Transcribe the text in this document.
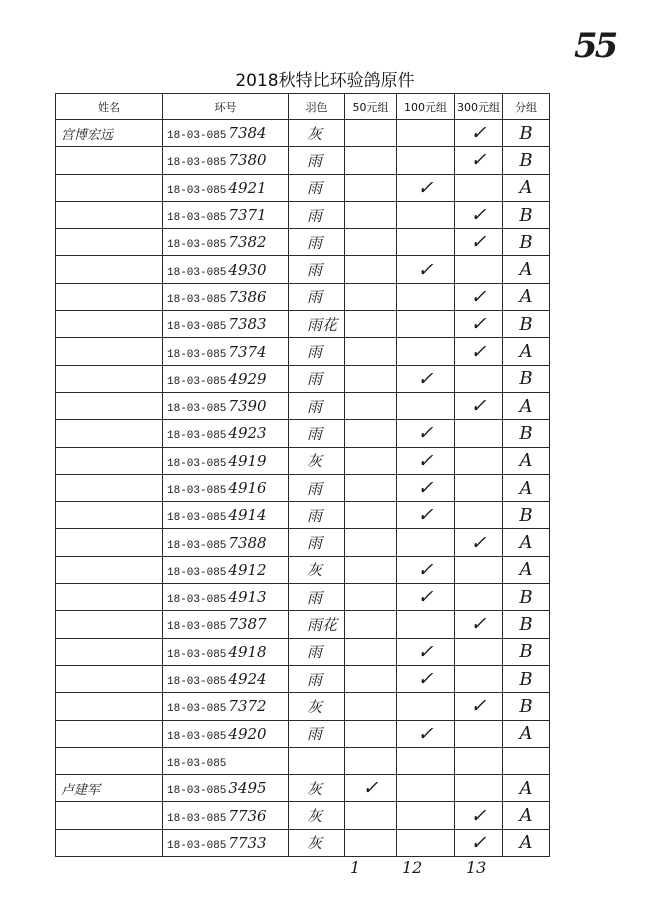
55
2018秋特比环验鸽原件
姓名	环号	羽色	50元组	100元组	300元组	分组
宫博宏远	18-03-085 7384	灰			✓	B
	18-03-085 7380	雨			✓	B
	18-03-085 4921	雨		✓		A
	18-03-085 7371	雨			✓	B
	18-03-085 7382	雨			✓	B
	18-03-085 4930	雨		✓		A
	18-03-085 7386	雨			✓	A
	18-03-085 7383	雨花			✓	B
	18-03-085 7374	雨			✓	A
	18-03-085 4929	雨		✓		B
	18-03-085 7390	雨			✓	A
	18-03-085 4923	雨		✓		B
	18-03-085 4919	灰		✓		A
	18-03-085 4916	雨		✓		A
	18-03-085 4914	雨		✓		B
	18-03-085 7388	雨			✓	A
	18-03-085 4912	灰		✓		A
	18-03-085 4913	雨		✓		B
	18-03-085 7387	雨花			✓	B
	18-03-085 4918	雨		✓		B
	18-03-085 4924	雨		✓		B
	18-03-085 7372	灰			✓	B
	18-03-085 4920	雨		✓		A
	18-03-085					
卢建军	18-03-085 3495	灰	✓			A
	18-03-085 7736	灰			✓	A
	18-03-085 7733	灰			✓	A
1	12	13
